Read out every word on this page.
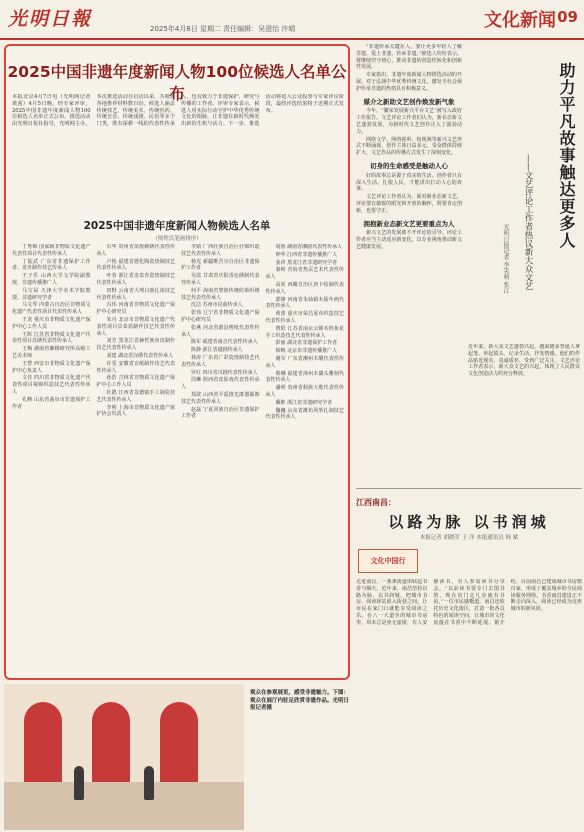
光明日報	2025年4月8日 星期二 责任编辑：吴澄怡 许晴	文化新闻 09
2025中国非遗年度新闻人物100位候选人名单公布
本报北京4月7日电（光明网记者黄茜）4月5日晚，经专家评审，2025中国非遗年度新闻人物100位候选人名单正式公布。推选活动由光明日报社指导，光明网主办。本次推选活动自启动以来，共收到各地推荐材料数百份。候选人涵盖传统技艺、传统美术、传统医药、传统音乐、传统戏剧、民俗等多个门类，既有深耕一线的代表性传承人，也有致力于非遗保护、研究与传播的工作者。评审专家表示，候选人用实际行动守护中华优秀传统文化的根脉，让非遗在新时代焕发出新的生机与活力。下一步，推选活动将进入公众投票与专家评议阶段，最终评选结果将于近期正式发布。
2025中国非遗年度新闻人物候选人名单
（按姓氏笔画排序）

丁秀梅 国家级非物质文化遗产代表性项目代表性传承人

丁振武 广东省非遗保护工作者、龙舟制作技艺传承人

王子乐 山西大学文学院副教授、非遗传播推广人

马宝禄 天津大学美术学院教授、非遗研究学者

马文琴 内蒙古自治区非物质文化遗产代表性项目代表性传承人

王龙 重庆市非物质文化遗产保护中心工作人员

王辉 江苏省非物质文化遗产代表性项目苏绣代表性传承人

王梅 湖南省湘绣研究所高级工艺美术师

王慧 西安市非物质文化遗产保护中心负责人

文佳 四川省非物质文化遗产代表性项目蜀锦织造技艺代表性传承人

孔峰 山东省曲阜市非遗保护工作者

石华 贵州省苗族刺绣代表性传承人

卢艳 福建省德化陶瓷烧制技艺代表性传承人

叶春 浙江省龙泉青瓷烧制技艺代表性传承人

田野 云南省大理白族扎染技艺代表性传承人

冯伟 河南省非物质文化遗产保护中心研究员

朱丹 北京市非物质文化遗产代表性项目景泰蓝制作技艺代表性传承人

刘芳 黑龙江省赫哲族鱼皮制作技艺代表性传承人

刘建 湖北省汉绣代表性传承人

许雯 安徽省宣纸制作技艺代表性传承人

孙浩 吉林省非物质文化遗产保护中心工作人员

杜鹃 江西省景德镇手工制瓷技艺代表性传承人

李明 上海市非物质文化遗产保护协会负责人

李婧 广西壮族自治区壮锦织造技艺代表性传承人

杨光 新疆维吾尔自治区非遗保护工作者

吴霞 甘肃省庆阳香包绣制代表性传承人

何平 海南省黎族传统纺染织绣技艺代表性传承人

沈洁 苏州市昆曲传承人

张伟 辽宁省非物质文化遗产保护中心研究员

张燕 河北省蔚县剪纸代表性传承人

陈军 福建省南音代表性传承人

陈静 浙江省越剧传承人

林涛 广东省广彩瓷烧制技艺代表性传承人

罗红 四川省川剧代表性传承人

周琳 陕西省皮影戏代表性传承人

郑波 山西省平遥推光漆器髹饰技艺代表性传承人

赵磊 宁夏回族自治区非遗保护工作者

胡蓉 湖南省湘剧代表性传承人

钟华 江西省非遗传播推广人

姜涛 黑龙江省非遗研究学者

秦岭 青海省热贡艺术代表性传承人

高原 西藏自治区唐卡绘制代表性传承人

郭锋 河南省朱仙镇木版年画代表性传承人

黄蕾 重庆市荣昌夏布织造技艺代表性传承人

曹阳 江苏省南京云锦木机妆花手工织造技艺代表性传承人

彭丽 湖北省非遗保护工作者

韩梅 北京市非遗传播推广人

谢军 广东省潮州木雕代表性传承人

蔡琳 福建省漳州木偶头雕刻代表性传承人

潘明 贵州省侗族大歌代表性传承人

戴维 浙江省非遗研究学者

魏巍 山东省潍坊风筝扎制技艺代表性传承人

“非遗传承关键在人，要让更多年轻人了解非遗、爱上非遗、传承非遗。”候选人纷纷表示，将继续坚守初心，推动非遗的创造性转化和创新性发展。

专家指出，非遗年度新闻人物推选活动的开展，对于弘扬中华优秀传统文化、激发全社会保护传承非遗的热情具有积极意义。

媒介之新助文艺创作焕发新气象

今年，“繁荣发展新兴平台文艺”被写入政府工作报告。文艺评论工作者们认为，新业态新文艺蓬勃发展，为新时代文艺创作注入了强劲动力。

网络文学、网络视听、短视频等新兴文艺形式不断涌现，创作主体日益多元，受众群体持续扩大，文艺作品的传播方式发生了深刻变化。

切身的生命感受是触动人心

好的故事总是源于真实的生活。创作者只有深入生活、扎根人民，才能讲出打动人心的故事。

文艺评论工作者认为，面对新业态新文艺，评论要有敏锐的眼光和开放的胸怀，既要肯定创新，也要守正。

拥抱新业态新文艺更要重点为人

新兴文艺的发展离不开评论的引导。评论工作者应当主动适应新变化，以专业视角推动新文艺健康发展。	助力平凡故事触达更多人
——文艺评论工作者热议新大众文艺
光明日报记者 李笑萌 张江
近年来，新大众文艺蓬勃兴起，越来越多普通人拿起笔、举起镜头，记录生活，抒发情感。他们的作品贴近现实、真诚质朴，受到广泛关注。文艺评论工作者表示，新大众文艺的兴起，体现了人民群众文化创造活力的充分释放。
江西南昌：
以路为脉 以书润城
本报记者 胡晓军 王 洋 本报通讯员 韩 斌
文化中国行
走进南昌，一条条街道串联起书香与烟火。近年来，南昌坚持以路为脉、以书润城，把城市书房、阅读驿站嵌入街巷之间，让市民在家门口就能享受阅读之乐。在八一大道旁的城市书房里，周末总是座无虚席，有人安静读书，有人参加读书分享会。“以前读书要专门去图书馆，现在出门走几步就有书房。”一位市民感慨道。南昌还依托历史文化街区，打造一批各具特色的阅读空间，让城市的文化底蕴在书香中不断延展。据介绍，目前南昌已建成城市书房数百家，形成了覆盖城乡的全民阅读服务网络。书香南昌建设正不断走向深入，阅读已经成为这座城市的新风尚。
观众在参观展览，感受非遗魅力。下图：观众在展厅内驻足欣赏非遗作品。光明日报记者摄
